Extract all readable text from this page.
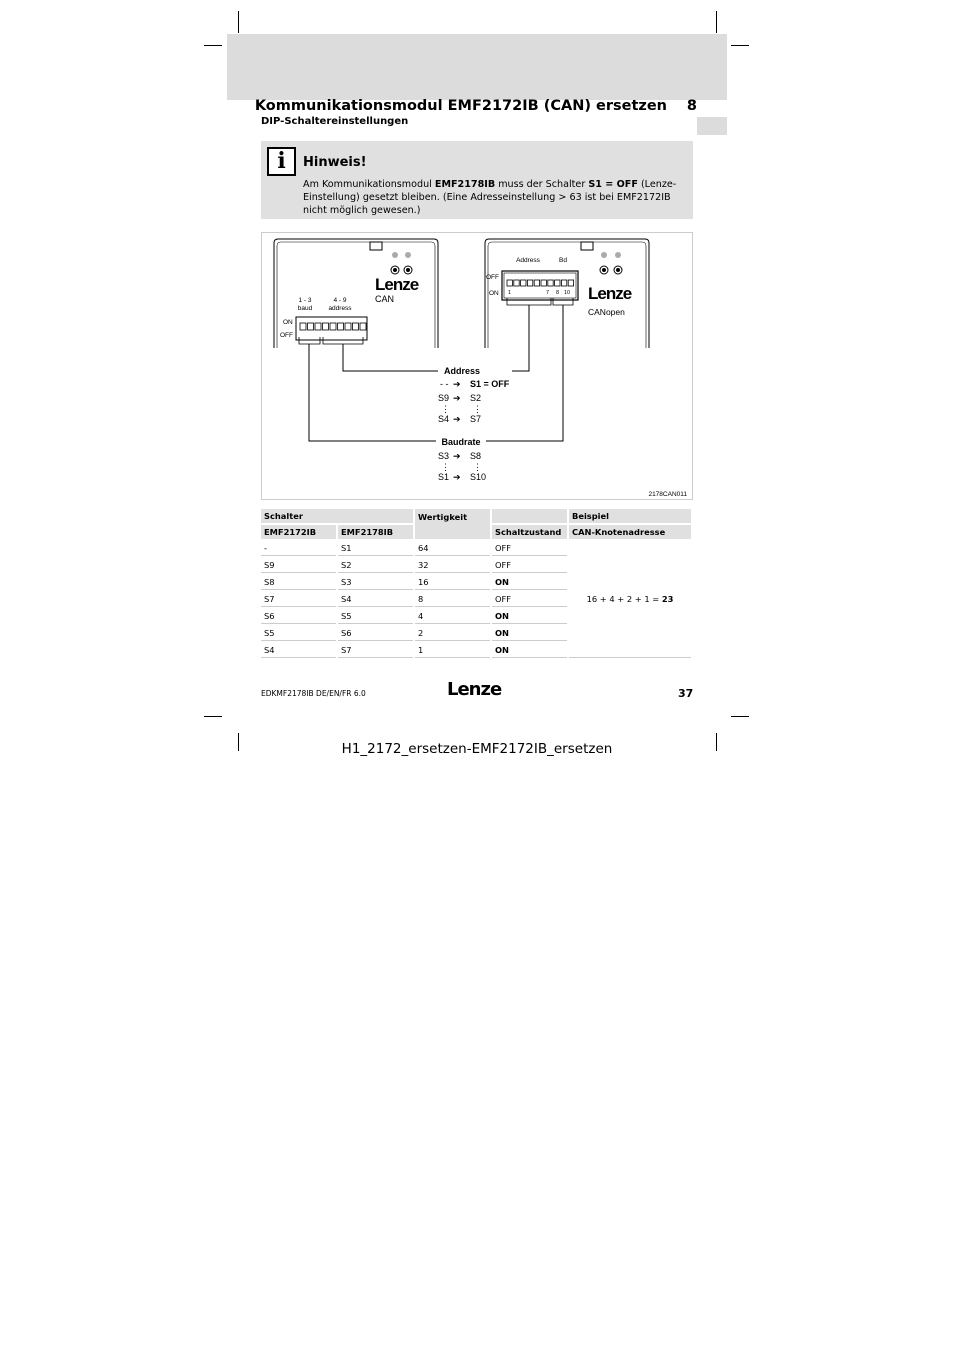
Kommunikationsmodul EMF2172IB (CAN) ersetzen 8
DIP-Schaltereinstellungen
i	Hinweis!
Am Kommunikationsmodul EMF2178IB muss der Schalter S1 = OFF (Lenze-Einstellung) gesetzt bleiben. (Eine Adresseinstellung > 63 ist bei EMF2172IB nicht möglich gewesen.)
Lenze
CAN
1 - 3
baud
4 - 9
address
ON
OFF
Lenze
CANopen
Address	Bd
OFF
ON 1	7 8 10
Address
- - ➔ S1 = OFF
S9 ➔ S2
⋮	⋮
S4 ➔ S7
Baudrate
S3 ➔ S8
⋮	⋮
S1 ➔ S10
2178CAN011
Schalter		Wertigkeit		Beispiel
EMF2172IB	EMF2178IB		Schaltzustand	CAN-Knotenadresse
-	S1	64	OFF	16 + 4 + 2 + 1 = 23
S9	S2	32	OFF	
S8	S3	16	ON	
S7	S4	8	OFF	
S6	S5	4	ON	
S5	S6	2	ON	
S4	S7	1	ON	
EDKMF2178IB DE/EN/FR 6.0	Lenze	37
H1_2172_ersetzen-EMF2172IB_ersetzen
